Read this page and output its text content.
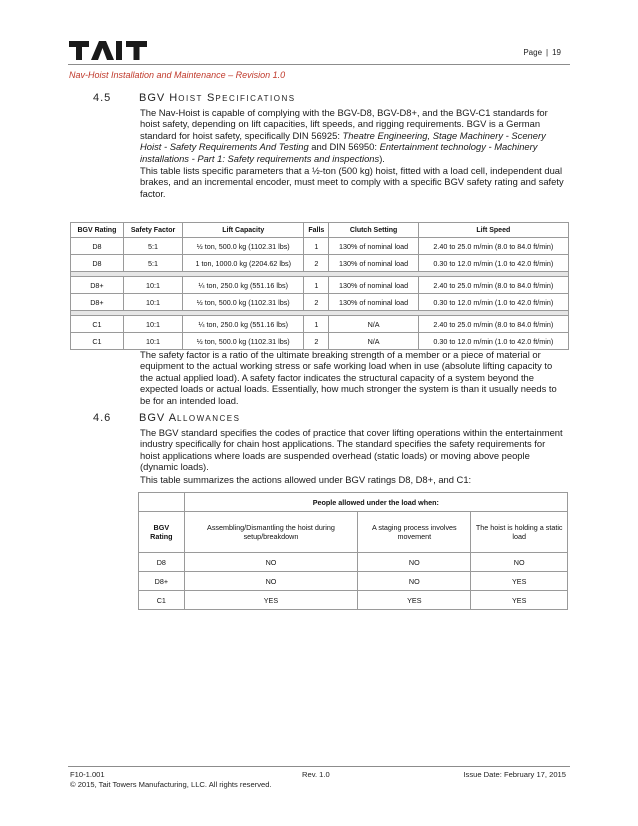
Page | 19
Nav-Hoist Installation and Maintenance – Revision 1.0
4.5	BGV HOIST SPECIFICATIONS

The Nav-Hoist is capable of complying with the BGV-D8, BGV-D8+, and the BGV-C1 standards for hoist safety, depending on lift capacities, lift speeds, and rigging requirements. BGV is a German standard for hoist safety, specifically DIN 56925: Theatre Engineering, Stage Machinery - Scenery Hoist - Safety Requirements And Testing and DIN 56950: Entertainment technology - Machinery installations - Part 1: Safety requirements and inspections).

This table lists specific parameters that a ½-ton (500 kg) hoist, fitted with a load cell, independent dual brakes, and an incremental encoder, must meet to comply with a specific BGV safety rating and safety factor.

BGV Rating	Safety Factor	Lift Capacity	Falls	Clutch Setting	Lift Speed
D8	5:1	½ ton, 500.0 kg (1102.31 lbs)	1	130% of nominal load	2.40 to 25.0 m/min (8.0 to 84.0 ft/min)
D8	5:1	1 ton, 1000.0 kg (2204.62 lbs)	2	130% of nominal load	0.30 to 12.0 m/min (1.0 to 42.0 ft/min)

D8+	10:1	¼ ton, 250.0 kg (551.16 lbs)	1	130% of nominal load	2.40 to 25.0 m/min (8.0 to 84.0 ft/min)
D8+	10:1	½ ton, 500.0 kg (1102.31 lbs)	2	130% of nominal load	0.30 to 12.0 m/min (1.0 to 42.0 ft/min)

C1	10:1	¼ ton, 250.0 kg (551.16 lbs)	1	N/A	2.40 to 25.0 m/min (8.0 to 84.0 ft/min)
C1	10:1	½ ton, 500.0 kg (1102.31 lbs)	2	N/A	0.30 to 12.0 m/min (1.0 to 42.0 ft/min)
The safety factor is a ratio of the ultimate breaking strength of a member or a piece of material or equipment to the actual working stress or safe working load when in use (absolute lifting capacity to the actual applied load). A safety factor indicates the structural capacity of a system beyond the expected loads or actual loads. Essentially, how much stronger the system is than it usually needs to be for an intended load.
4.6	BGV ALLOWANCES

The BGV standard specifies the codes of practice that cover lifting operations within the entertainment industry specifically for chain host applications. The standard specifies the safety requirements for hoist applications where loads are suspended overhead (static loads) or moving above people (dynamic loads).

This table summarizes the actions allowed under BGV ratings D8, D8+, and C1:

	People allowed under the load when:		
BGV Rating	Assembling/Dismantling the hoist during setup/breakdown	A staging process involves movement	The hoist is holding a static load
D8	NO	NO	NO
D8+	NO	NO	YES
C1	YES	YES	YES
F10-1.001	Rev. 1.0	Issue Date: February 17, 2015
© 2015, Tait Towers Manufacturing, LLC. All rights reserved.
